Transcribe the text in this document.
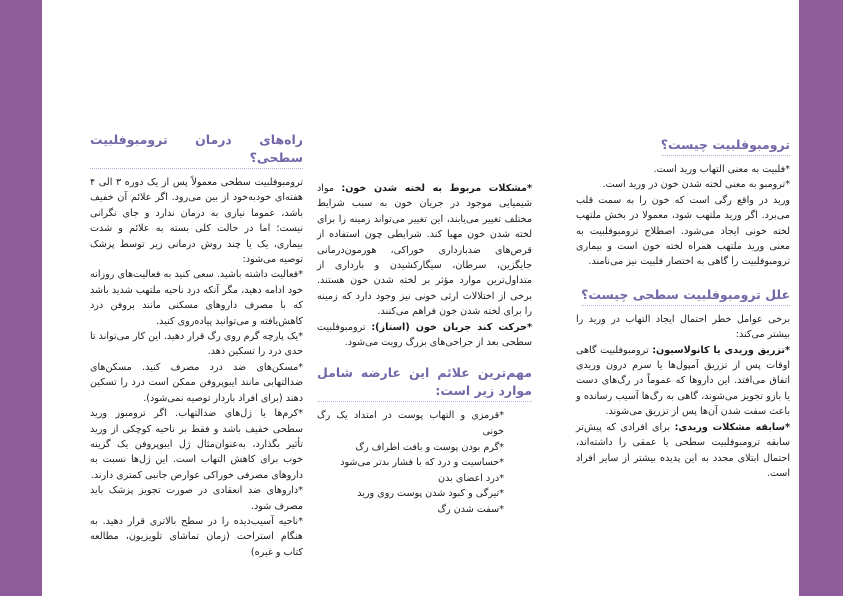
ترومبوفلبیت چیست؟

*فلبیت به معنی التهاب ورید است.

*ترومبو به معنی لخته شدن خون در ورید است.

ورید در واقع رگی است که خون را به سمت قلب می‌برد. اگر ورید ملتهب شود، معمولا در بخش ملتهب لخته خونی ایجاد می‌شود. اصطلاح ترومبوفلبیت به معنی ورید ملتهب همراه لخته خون است و بیماری ترومبوفلبیت را گاهی به اختصار فلبیت نیز می‌نامند.

علل ترومبوفلبیت سطحی چیست؟

برخی عوامل خطر احتمال ایجاد التهاب در ورید را بیشتر می‌کند:

*تزریق وریدی یا کانولاسیون: ترومبوفلبیت گاهی اوقات پس از تزریق آمپول‌ها یا سرم درون وریدی اتفاق می‌افتد. این داروها که عموماً در رگ‌های دست یا بازو تجویز می‌شوند، گاهی به رگ‌ها آسیب رسانده و باعث سفت شدن آن‌ها پس از تزریق می‌شوند.

*سابقه مشکلات وریدی: برای افرادی که پیش‌تر سابقه ترومبوفلبیت سطحی یا عمقی را داشته‌اند، احتمال ابتلای مجدد به این پدیده بیشتر از سایر افراد است.

*مشکلات مربوط به لخته شدن خون: مواد شیمیایی موجود در جریان خون به سبب شرایط مختلف تغییر می‌یابند، این تغییر می‌تواند زمینه را برای لخته شدن خون مهیا کند. شرایطی چون استفاده از قرص‌های ضدبارداری خوراکی، هورمون‌درمانی جایگزین، سرطان، سیگارکشیدن و بارداری از متداول‌ترین موارد مؤثر بر لخته شدن خون هستند. برخی از اختلالات ارثی خونی نیز وجود دارد که زمینه را برای لخته شدن خون فراهم می‌کنند.

*حرکت کند جریان خون (استاز): ترومبوفلبیت سطحی بعد از جراحی‌های بزرگ رویت می‌شود.

مهم‌ترین علائم این عارضه شامل موارد زیر است:
*قرمزی و التهاب پوست در امتداد یک رگ خونی
*گرم بودن پوست و بافت اطراف رگ
*حساسیت و درد که با فشار بدتر می‌شود
*درد اعضای بدن
*تیرگی و کبود شدن پوست روی ورید
*سفت شدن رگ
راه‌های درمان ترومبوفلبیت سطحی؟

ترومبوفلبیت سطحی معمولاً پس از یک دوره ۳ الی ۴ هفته‌ای خودبه‌خود از بین می‌رود. اگر علائم آن خفیف باشد، عموما نیازی به درمان ندارد و جای نگرانی نیست؛ اما در حالت کلی بسته به علائم و شدت بیماری، یک یا چند روش درمانی زیر توسط پزشک توصیه می‌شود:

*فعالیت داشته باشید. سعی کنید به فعالیت‌های روزانه خود ادامه دهید، مگر آنکه درد ناحیه ملتهب شدید باشد که با مصرف داروهای مسکنی مانند بروفن درد کاهش‌یافته و می‌توانید پیاده‌روی کنید.

*یک پارچه گرم روی رگ قرار دهید. این کار می‌تواند تا حدی درد را تسکین دهد.

*مسکن‌های ضد درد مصرف کنید. مسکن‌های ضدالتهابی مانند ایبوپروفن ممکن است درد را تسکین دهند (برای افراد باردار توصیه نمی‌شود).

*کرم‌ها یا ژل‌های ضدالتهاب. اگر ترومبوز ورید سطحی خفیف باشد و فقط بر ناحیه کوچکی از ورید تأثیر بگذارد، به‌عنوان‌مثال ژل ایبوپروفن یک گزینه خوب برای کاهش التهاب است. این ژل‌ها نسبت به داروهای مصرفی خوراکی عوارض جانبی کمتری دارند.

*داروهای ضد انعقادی در صورت تجویز پزشک باید مصرف شود.

*ناحیه آسیب‌دیده را در سطح بالاتری قرار دهید. به هنگام استراحت (زمان تماشای تلویزیون، مطالعه کتاب و غیره)
